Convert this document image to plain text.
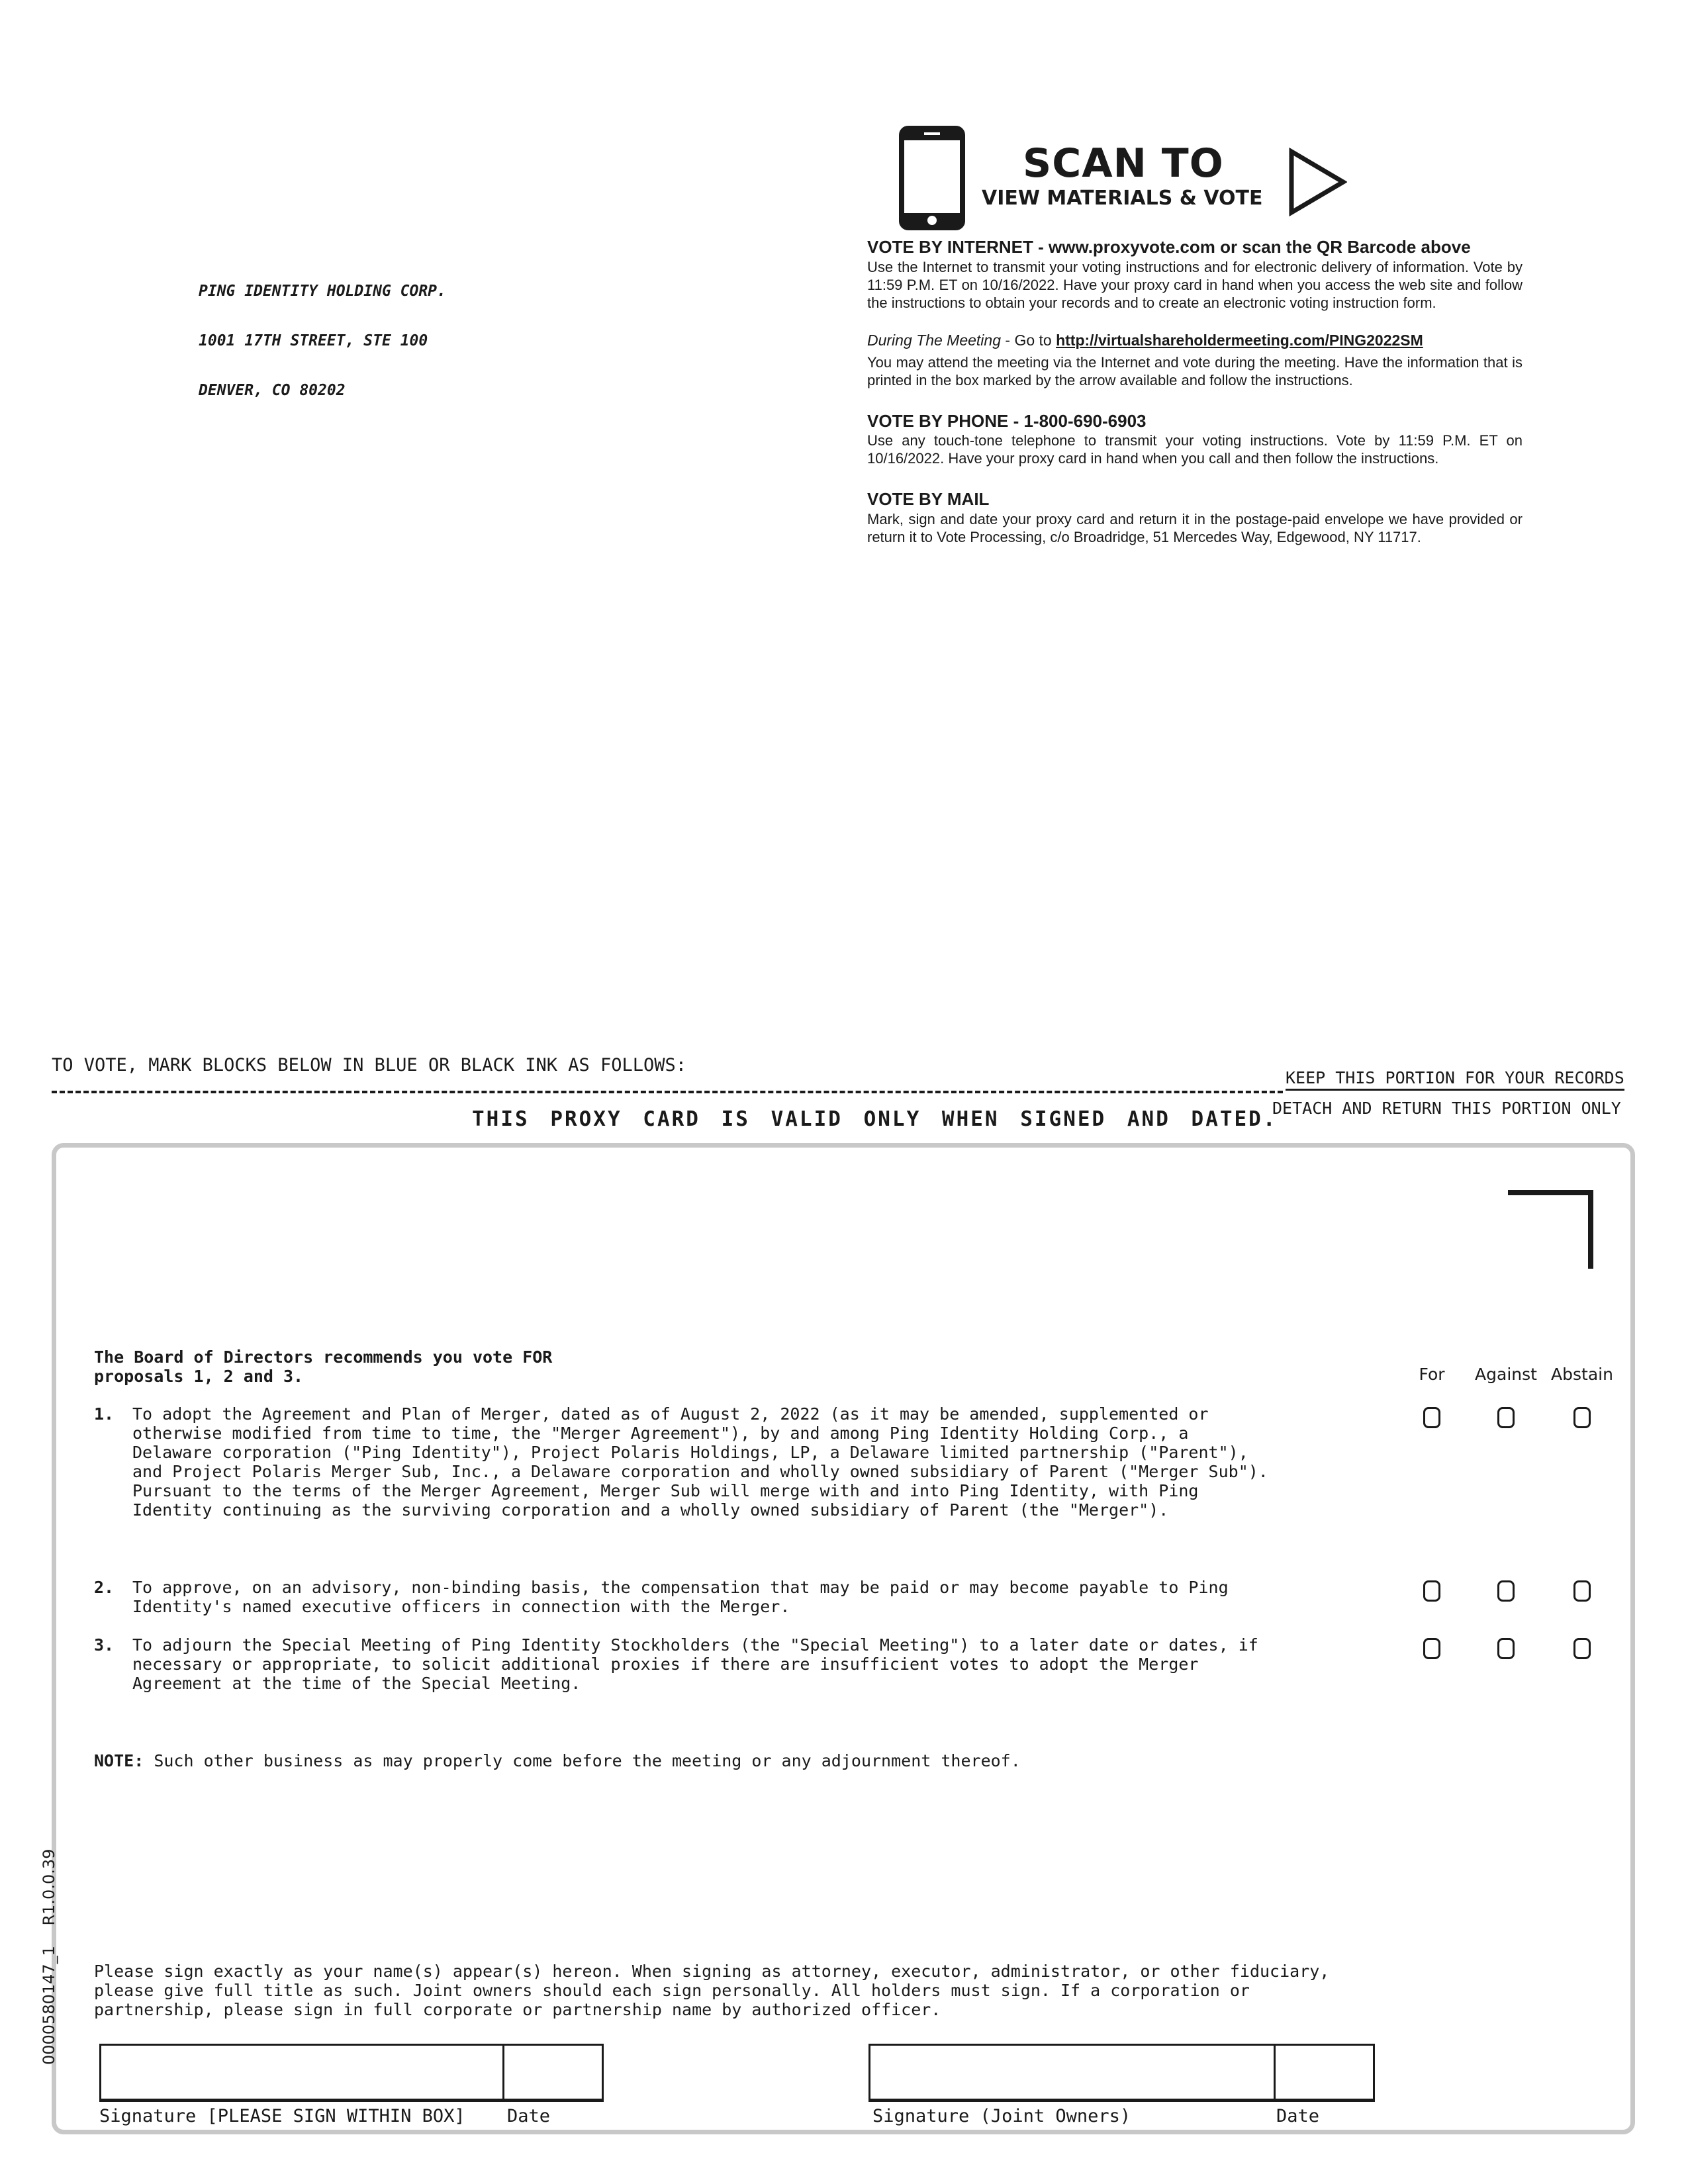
PING IDENTITY HOLDING CORP.

1001 17TH STREET, STE 100

DENVER, CO 80202

SCAN TO
VIEW MATERIALS & VOTE
VOTE BY INTERNET - www.proxyvote.com or scan the QR Barcode above
Use the Internet to transmit your voting instructions and for electronic delivery of information. Vote by 11:59 P.M. ET on 10/16/2022. Have your proxy card in hand when you access the web site and follow the instructions to obtain your records and to create an electronic voting instruction form.
During The Meeting - Go to http://virtualshareholdermeeting.com/PING2022SM
You may attend the meeting via the Internet and vote during the meeting. Have the information that is printed in the box marked by the arrow available and follow the instructions.
VOTE BY PHONE - 1-800-690-6903
Use any touch-tone telephone to transmit your voting instructions. Vote by 11:59 P.M. ET on 10/16/2022. Have your proxy card in hand when you call and then follow the instructions.
VOTE BY MAIL
Mark, sign and date your proxy card and return it in the postage-paid envelope we have provided or return it to Vote Processing, c/o Broadridge, 51 Mercedes Way, Edgewood, NY 11717.
TO VOTE, MARK BLOCKS BELOW IN BLUE OR BLACK INK AS FOLLOWS:
KEEP THIS PORTION FOR YOUR RECORDS
DETACH AND RETURN THIS PORTION ONLY
THIS PROXY CARD IS VALID ONLY WHEN SIGNED AND DATED.
The Board of Directors recommends you vote FOR
proposals 1, 2 and 3.	For	Against Abstain
1. To adopt the Agreement and Plan of Merger, dated as of August 2, 2022 (as it may be amended, supplemented or otherwise modified from time to time, the "Merger Agreement"), by and among Ping Identity Holding Corp., a Delaware corporation ("Ping Identity"), Project Polaris Holdings, LP, a Delaware limited partnership ("Parent"), and Project Polaris Merger Sub, Inc., a Delaware corporation and wholly owned subsidiary of Parent ("Merger Sub"). Pursuant to the terms of the Merger Agreement, Merger Sub will merge with and into Ping Identity, with Ping Identity continuing as the surviving corporation and a wholly owned subsidiary of Parent (the "Merger").
2. To approve, on an advisory, non-binding basis, the compensation that may be paid or may become payable to Ping Identity's named executive officers in connection with the Merger.
3. To adjourn the Special Meeting of Ping Identity Stockholders (the "Special Meeting") to a later date or dates, if necessary or appropriate, to solicit additional proxies if there are insufficient votes to adopt the Merger Agreement at the time of the Special Meeting.
NOTE: Such other business as may properly come before the meeting or any adjournment thereof.
Please sign exactly as your name(s) appear(s) hereon. When signing as attorney, executor, administrator, or other fiduciary, please give full title as such. Joint owners should each sign personally. All holders must sign. If a corporation or partnership, please sign in full corporate or partnership name by authorized officer.
Signature [PLEASE SIGN WITHIN BOX] Date	Signature (Joint Owners)	Date
0000580147_1    R1.0.0.39
